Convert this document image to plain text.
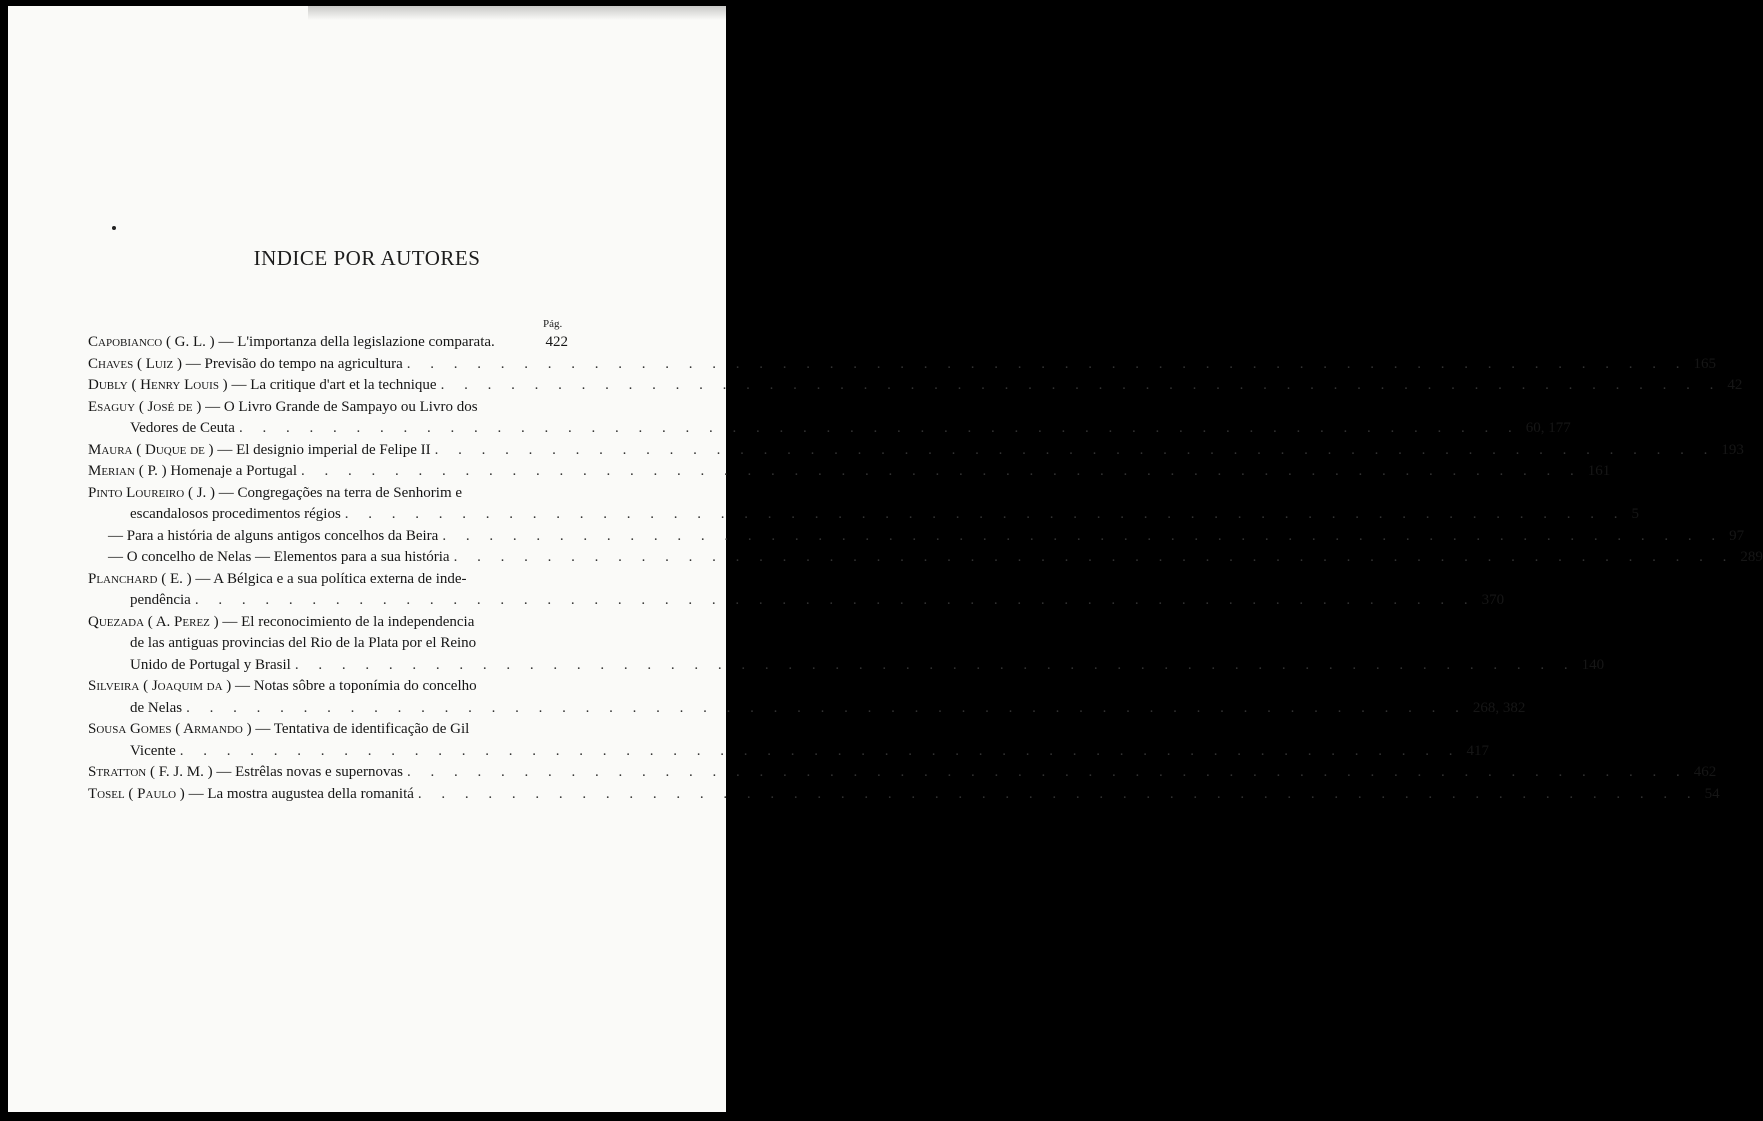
INDICE POR AUTORES
Pág.
Capobianco ( G. L. ) — L'importanza della legislazione comparata.	422
Chaves ( Luiz ) — Previsão do tempo na agricultura . . .	165
Dubly ( Henry Louis ) — La critique d'art et la technique . . .	42
Esaguy ( José de ) — O Livro Grande de Sampayo ou Livro dos
Vedores de Ceuta . . .	60, 177
Maura ( Duque de ) — El designio imperial de Felipe II . . .	193
Merian ( P. ) Homenaje a Portugal . . .	161
Pinto Loureiro ( J. ) — Congregações na terra de Senhorim e
escandalosos procedimentos régios . . .	5
— Para a história de alguns antigos concelhos da Beira . . .	97
— O concelho de Nelas — Elementos para a sua história . . .	289
Planchard ( E. ) — A Bélgica e a sua política externa de inde-
pendência . . .	370
Quezada ( A. Perez ) — El reconocimiento de la independencia
de las antiguas provincias del Rio de la Plata por el Reino
Unido de Portugal y Brasil . . .	140
Silveira ( Joaquim da ) — Notas sôbre a toponímia do concelho
de Nelas . . .	268, 382
Sousa Gomes ( Armando ) — Tentativa de identificação de Gil
Vicente . . .	417
Stratton ( F. J. M. ) — Estrêlas novas e supernovas . . .	462
Tosel ( Paulo ) — La mostra augustea della romanitá . . .	54
